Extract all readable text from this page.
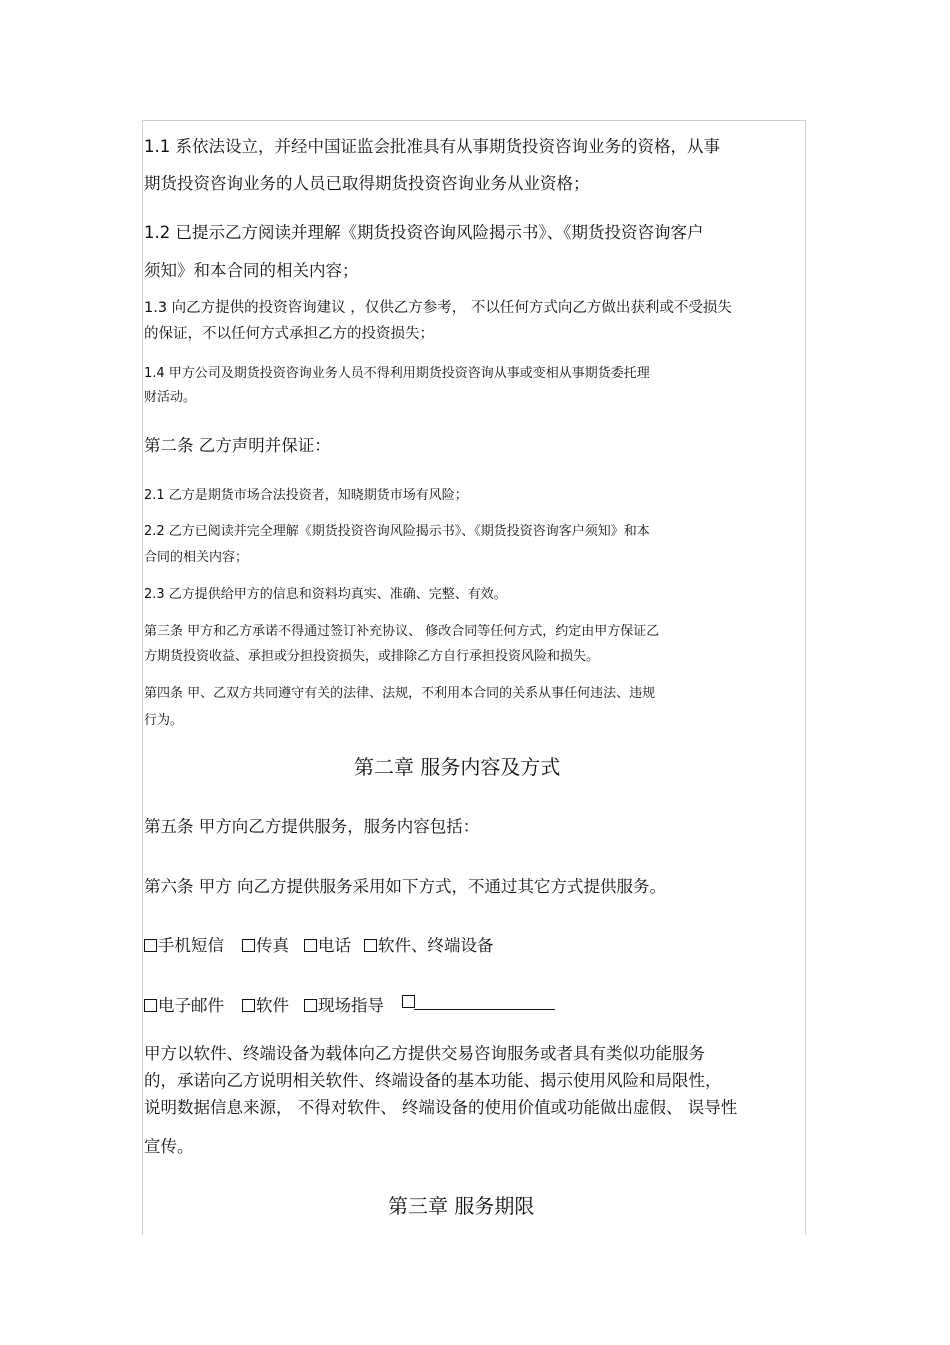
1.1 系依法设立，并经中国证监会批准具有从事期货投资咨询业务的资格，从事
期货投资咨询业务的人员已取得期货投资咨询业务从业资格；
1.2 已提示乙方阅读并理解《期货投资咨询风险揭示书》、《期货投资咨询客户
须知》和本合同的相关内容；
1.3 向乙方提供的投资咨询建议 ，仅供乙方参考， 不以任何方式向乙方做出获利或不受损失
的保证，不以任何方式承担乙方的投资损失；
1.4 甲方公司及期货投资咨询业务人员不得利用期货投资咨询从事或变相从事期货委托理
财活动。
第二条 乙方声明并保证：
2.1 乙方是期货市场合法投资者，知晓期货市场有风险；
2.2 乙方已阅读并完全理解《期货投资咨询风险揭示书》、《期货投资咨询客户须知》和本
合同的相关内容；
2.3 乙方提供给甲方的信息和资料均真实、准确、完整、有效。
第三条 甲方和乙方承诺不得通过签订补充协议、 修改合同等任何方式，约定由甲方保证乙
方期货投资收益、承担或分担投资损失，或排除乙方自行承担投资风险和损失。
第四条 甲、乙双方共同遵守有关的法律、法规，不利用本合同的关系从事任何违法、违规
行为。
第二章 服务内容及方式
第五条 甲方向乙方提供服务，服务内容包括：
第六条 甲方 向乙方提供服务采用如下方式，不通过其它方式提供服务。
手机短信	传真	电话	软件、终端设备
电子邮件	软件	现场指导
甲方以软件、终端设备为载体向乙方提供交易咨询服务或者具有类似功能服务
的，承诺向乙方说明相关软件、终端设备的基本功能、揭示使用风险和局限性，
说明数据信息来源， 不得对软件、 终端设备的使用价值或功能做出虚假、 误导性
宣传。
第三章 服务期限
